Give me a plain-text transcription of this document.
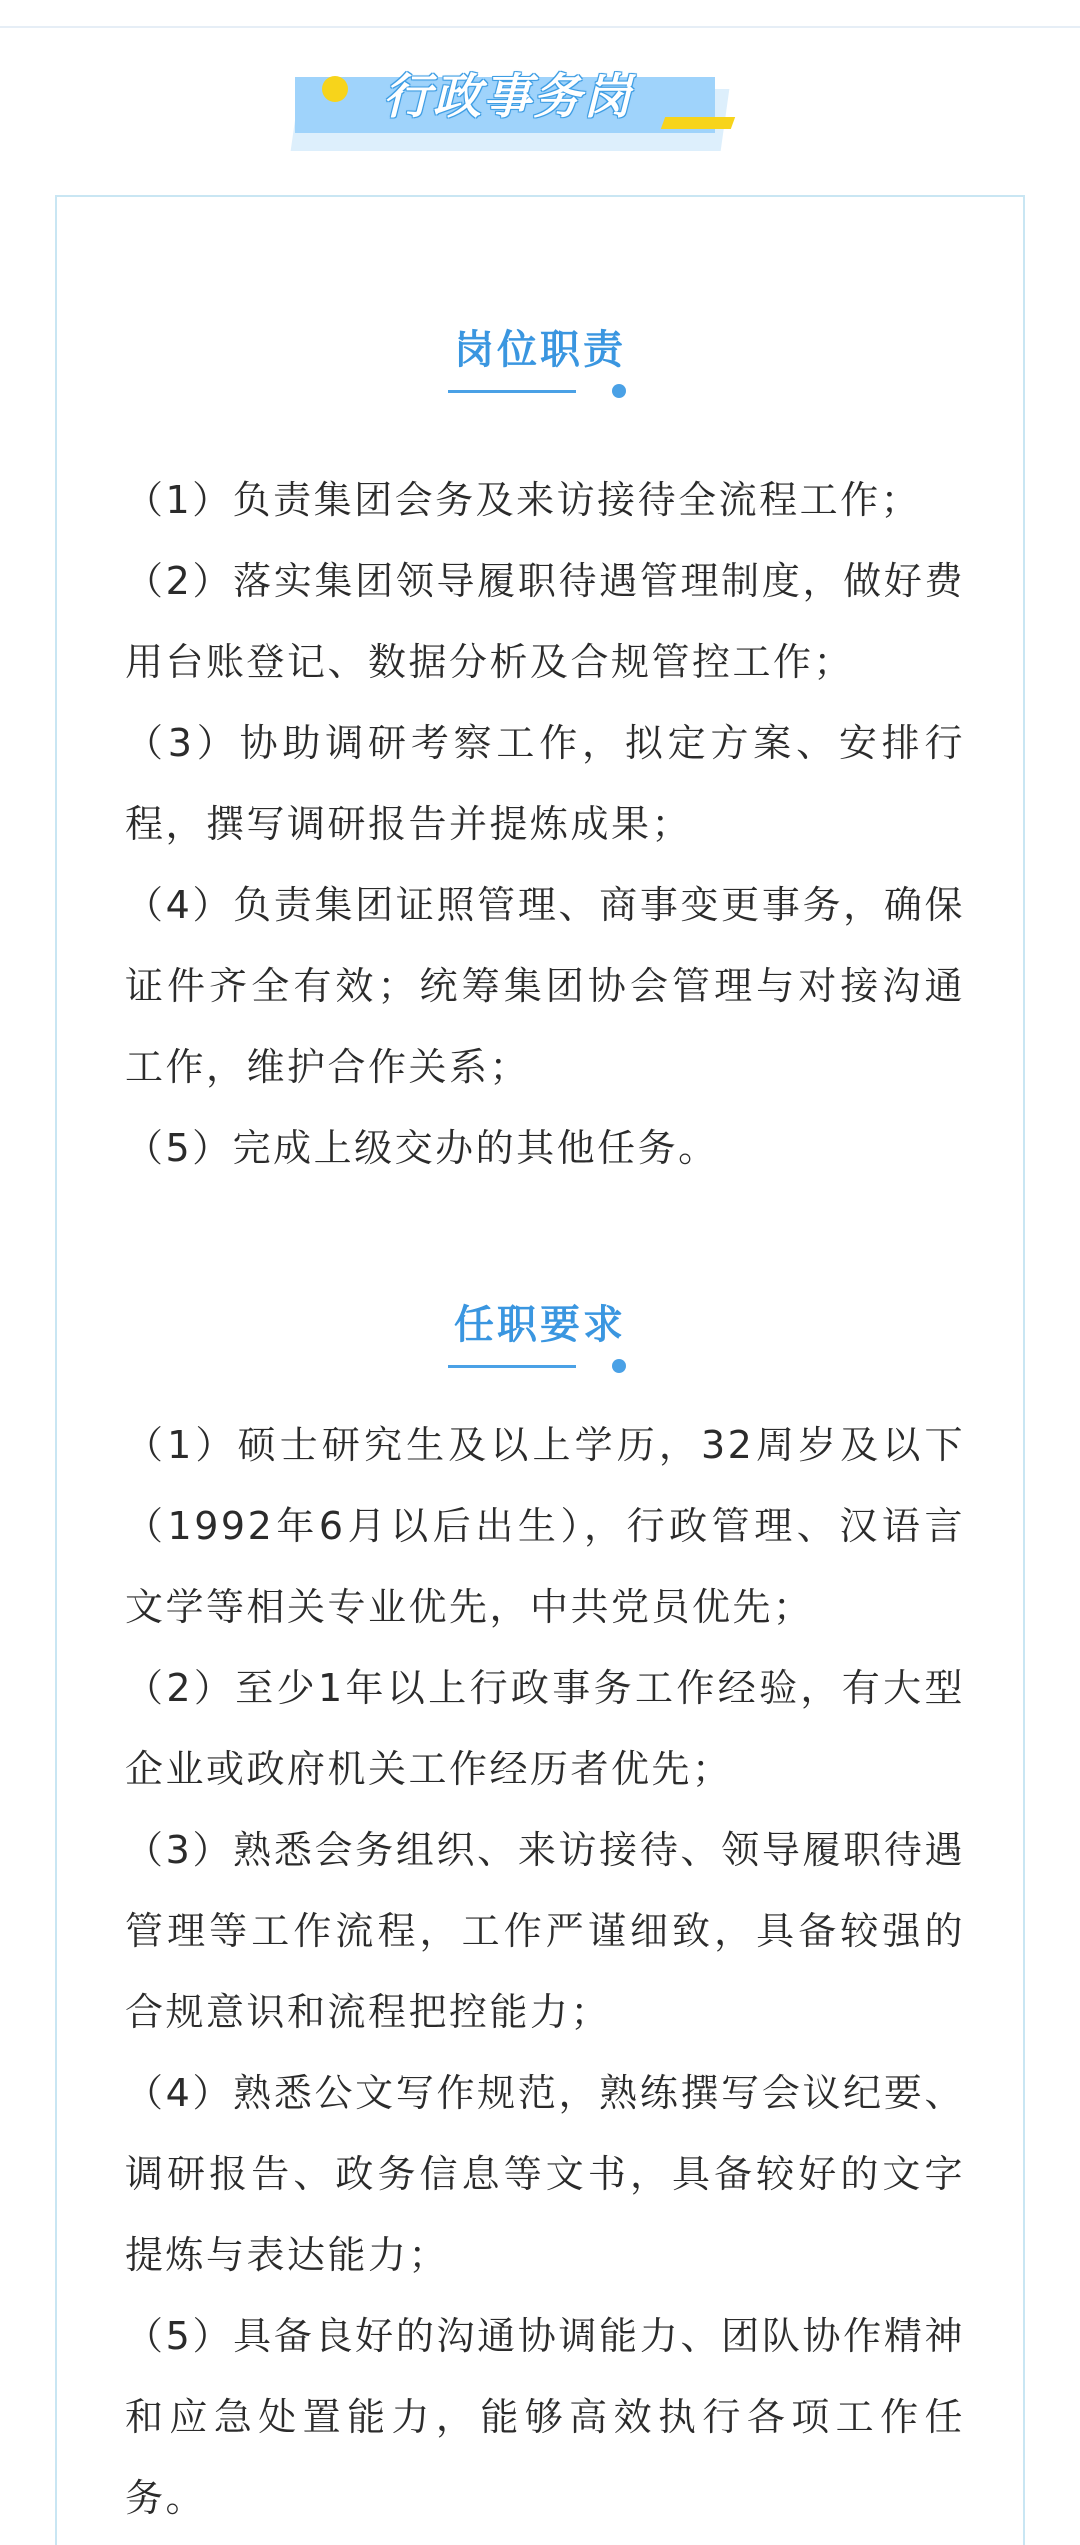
行政事务岗
岗位职责

（1）负责集团会务及来访接待全流程工作；

（2）落实集团领导履职待遇管理制度，做好费用台账登记、数据分析及合规管控工作；

（3）协助调研考察工作，拟定方案、安排行程，撰写调研报告并提炼成果；

（4）负责集团证照管理、商事变更事务，确保证件齐全有效；统筹集团协会管理与对接沟通工作，维护合作关系；

（5）完成上级交办的其他任务。

任职要求

（1）硕士研究生及以上学历，32周岁及以下（1992年6月以后出生），行政管理、汉语言文学等相关专业优先，中共党员优先；

（2）至少1年以上行政事务工作经验，有大型企业或政府机关工作经历者优先；

（3）熟悉会务组织、来访接待、领导履职待遇管理等工作流程，工作严谨细致，具备较强的合规意识和流程把控能力；

（4）熟悉公文写作规范，熟练撰写会议纪要、调研报告、政务信息等文书，具备较好的文字提炼与表达能力；

（5）具备良好的沟通协调能力、团队协作精神和应急处置能力，能够高效执行各项工作任务。
